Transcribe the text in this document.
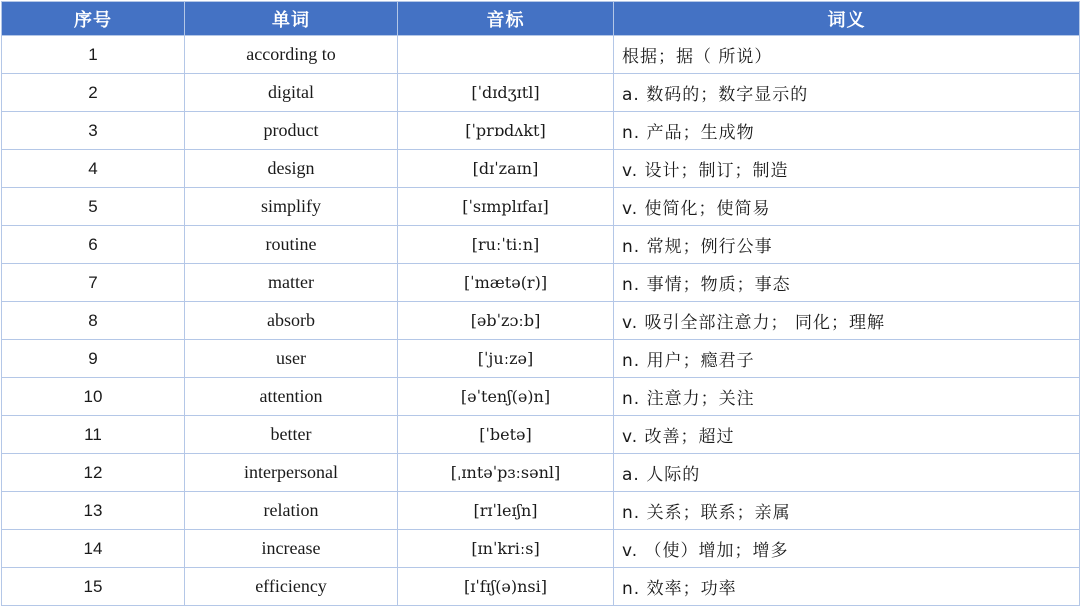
序号	单词	音标	词义
1	according to		根据；据（ 所说）
2	digital	[ˈdɪdʒɪtl]	a. 数码的；数字显示的
3	product	[ˈprɒdʌkt]	n. 产品；生成物
4	design	[dɪˈzaɪn]	v. 设计；制订；制造
5	simplify	[ˈsɪmplɪfaɪ]	v. 使简化；使简易
6	routine	[ruːˈtiːn]	n. 常规；例行公事
7	matter	[ˈmætə(r)]	n. 事情；物质；事态
8	absorb	[əbˈzɔːb]	v. 吸引全部注意力； 同化；理解
9	user	[ˈjuːzə]	n. 用户；瘾君子
10	attention	[əˈtenʃ(ə)n]	n. 注意力；关注
11	better	[ˈbetə]	v. 改善；超过
12	interpersonal	[ˌɪntəˈpɜːsənl]	a. 人际的
13	relation	[rɪˈleɪʃn]	n. 关系；联系；亲属
14	increase	[ɪnˈkriːs]	v. （使）增加；增多
15	efficiency	[ɪˈfɪʃ(ə)nsi]	n. 效率；功率
